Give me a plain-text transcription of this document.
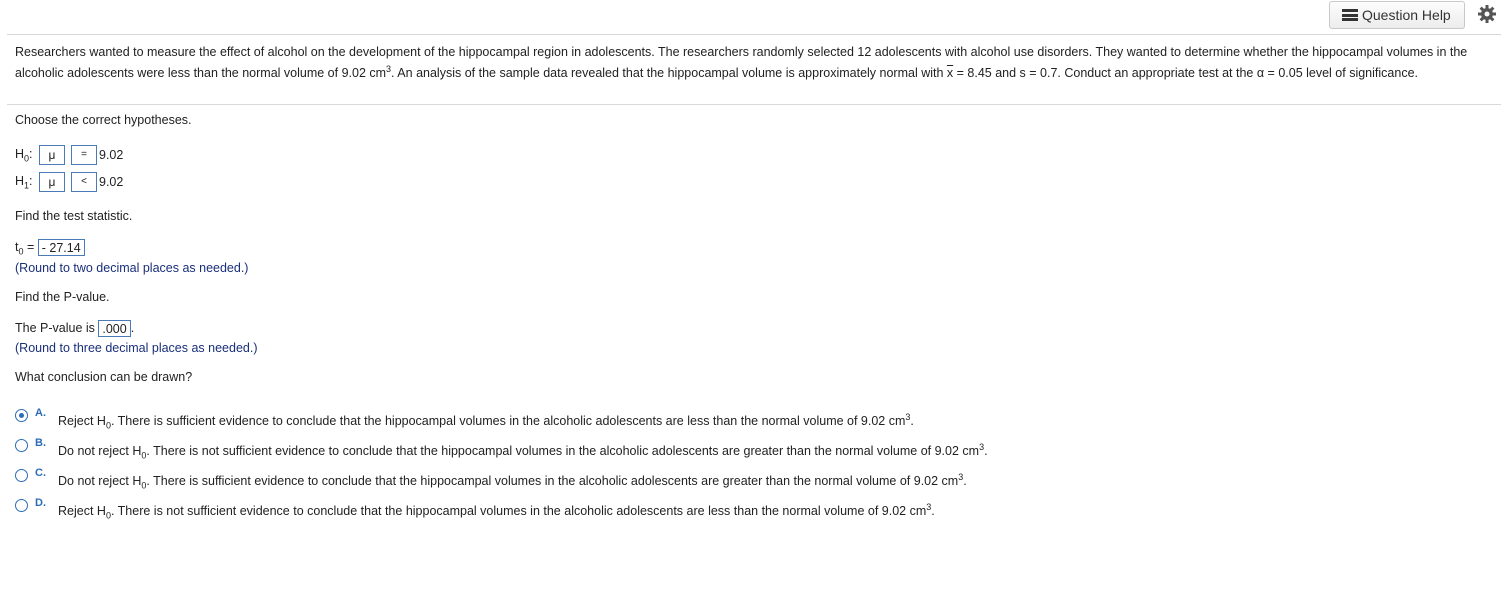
Question Help
Researchers wanted to measure the effect of alcohol on the development of the hippocampal region in adolescents. The researchers randomly selected 12 adolescents with alcohol use disorders. They wanted to determine whether the hippocampal volumes in the alcoholic adolescents were less than the normal volume of 9.02 $cm^3$. An analysis of the sample data revealed that the hippocampal volume is approximately normal with $\overline{x} = 8.45$ and s = 0.7. Conduct an appropriate test at the α = 0.05 level of significance.
Choose the correct hypotheses.
$H_0$:	μ	= 9.02
$H_1$:	μ	< 9.02
Find the test statistic.
$t_0$ = - 27.14
(Round to two decimal places as needed.)
Find the P-value.
The P-value is .000 .
(Round to three decimal places as needed.)
What conclusion can be drawn?
A.
Reject $H_0$. There is sufficient evidence to conclude that the hippocampal volumes in the alcoholic adolescents are less than the normal volume of 9.02 $cm^3$.
B.
Do not reject $H_0$. There is not sufficient evidence to conclude that the hippocampal volumes in the alcoholic adolescents are greater than the normal volume of 9.02 $cm^3$.
C.
Do not reject $H_0$. There is sufficient evidence to conclude that the hippocampal volumes in the alcoholic adolescents are greater than the normal volume of 9.02 $cm^3$.
D.
Reject $H_0$. There is not sufficient evidence to conclude that the hippocampal volumes in the alcoholic adolescents are less than the normal volume of 9.02 $cm^3$.
